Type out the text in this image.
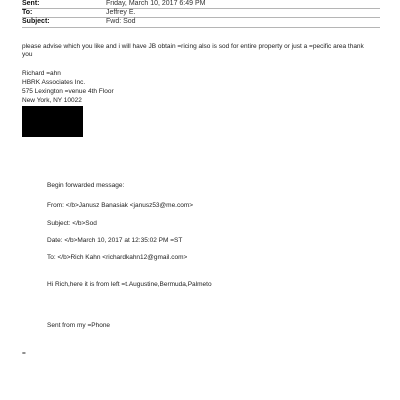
Sent:	Friday, March 10, 2017 6:49 PM
To:	Jeffrey E.
Subject:	Fwd: Sod
please advise which you like and i will have JB obtain =ricing also is sod for entire property or just a =pecific area thank
you
Richard =ahn
HBRK Associates Inc.
575 Lexington =venue 4th Floor
New York, NY 10022
Begin forwarded message:
From: </b>Janusz Banasiak <janusz53@me.com>
Subject: </b>Sod
Date: </b>March 10, 2017 at 12:35:02 PM =ST
To: </b>Rich Kahn <richardkahn12@gmail.com>
Hi Rich,here it is from left =t.Augustine,Bermuda,Palmeto
Sent from my =Phone
=
